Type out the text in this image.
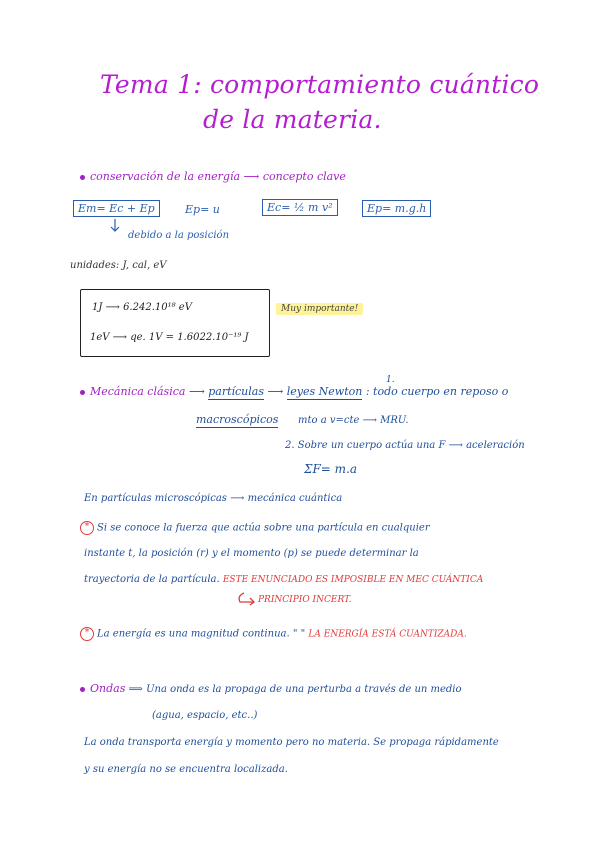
Tema 1: comportamiento cuántico
de la materia.
conservación de la energía ⟶ concepto clave
Em= Ec + Ep	Ep= u	Ec= ½ m v²	Ep= m.g.h
debido a la posición
unidades: J, cal, eV
1J ⟶ 6.242.10¹⁸ eV
1eV ⟶ qe. 1V = 1.6022.10⁻¹⁹ J
Muy importante!
Mecánica clásica ⟶ partículas ⟶ leyes Newton : todo cuerpo en reposo o
1.
macroscópicos mto a v=cte ⟶ MRU.
2. Sobre un cuerpo actúa una F ⟶ aceleración
ΣF= m.a
En partículas microscópicas ⟶ mecánica cuántica
* Si se conoce la fuerza que actúa sobre una partícula en cualquier
instante t, la posición (r) y el momento (p) se puede determinar la
trayectoria de la partícula. ESTE ENUNCIADO ES IMPOSIBLE EN MEC CUÁNTICA
PRINCIPIO INCERT.
* La energía es una magnitud continua. " " LA ENERGÍA ESTÁ CUANTIZADA.
Ondas ⟹ Una onda es la propaga de una perturba a través de un medio
(agua, espacio, etc..)
La onda transporta energía y momento pero no materia. Se propaga rápidamente
y su energía no se encuentra localizada.
